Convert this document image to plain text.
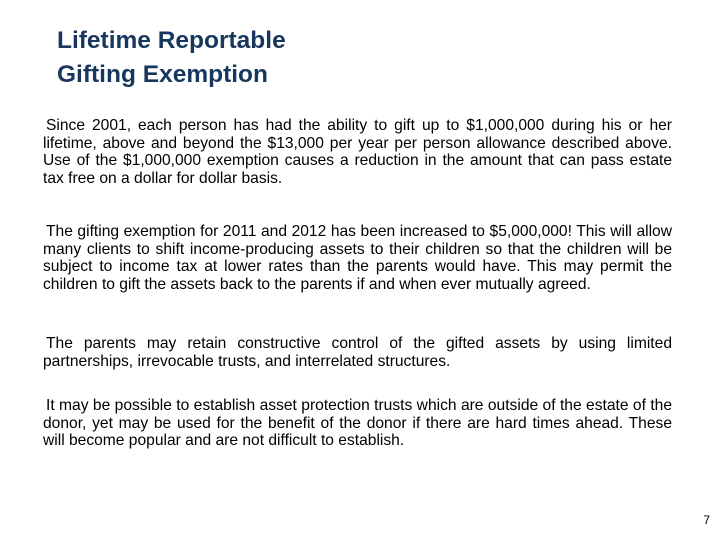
Lifetime Reportable
Gifting Exemption

Since 2001, each person has had the ability to gift up to $1,000,000 during his or her lifetime, above and beyond the $13,000 per year per person allowance described above. Use of the $1,000,000 exemption causes a reduction in the amount that can pass estate tax free on a dollar for dollar basis.

The gifting exemption for 2011 and 2012 has been increased to $5,000,000! This will allow many clients to shift income-producing assets to their children so that the children will be subject to income tax at lower rates than the parents would have. This may permit the children to gift the assets back to the parents if and when ever mutually agreed.

The parents may retain constructive control of the gifted assets by using limited partnerships, irrevocable trusts, and interrelated structures.

It may be possible to establish asset protection trusts which are outside of the estate of the donor, yet may be used for the benefit of the donor if there are hard times ahead. These will become popular and are not difficult to establish.

7
